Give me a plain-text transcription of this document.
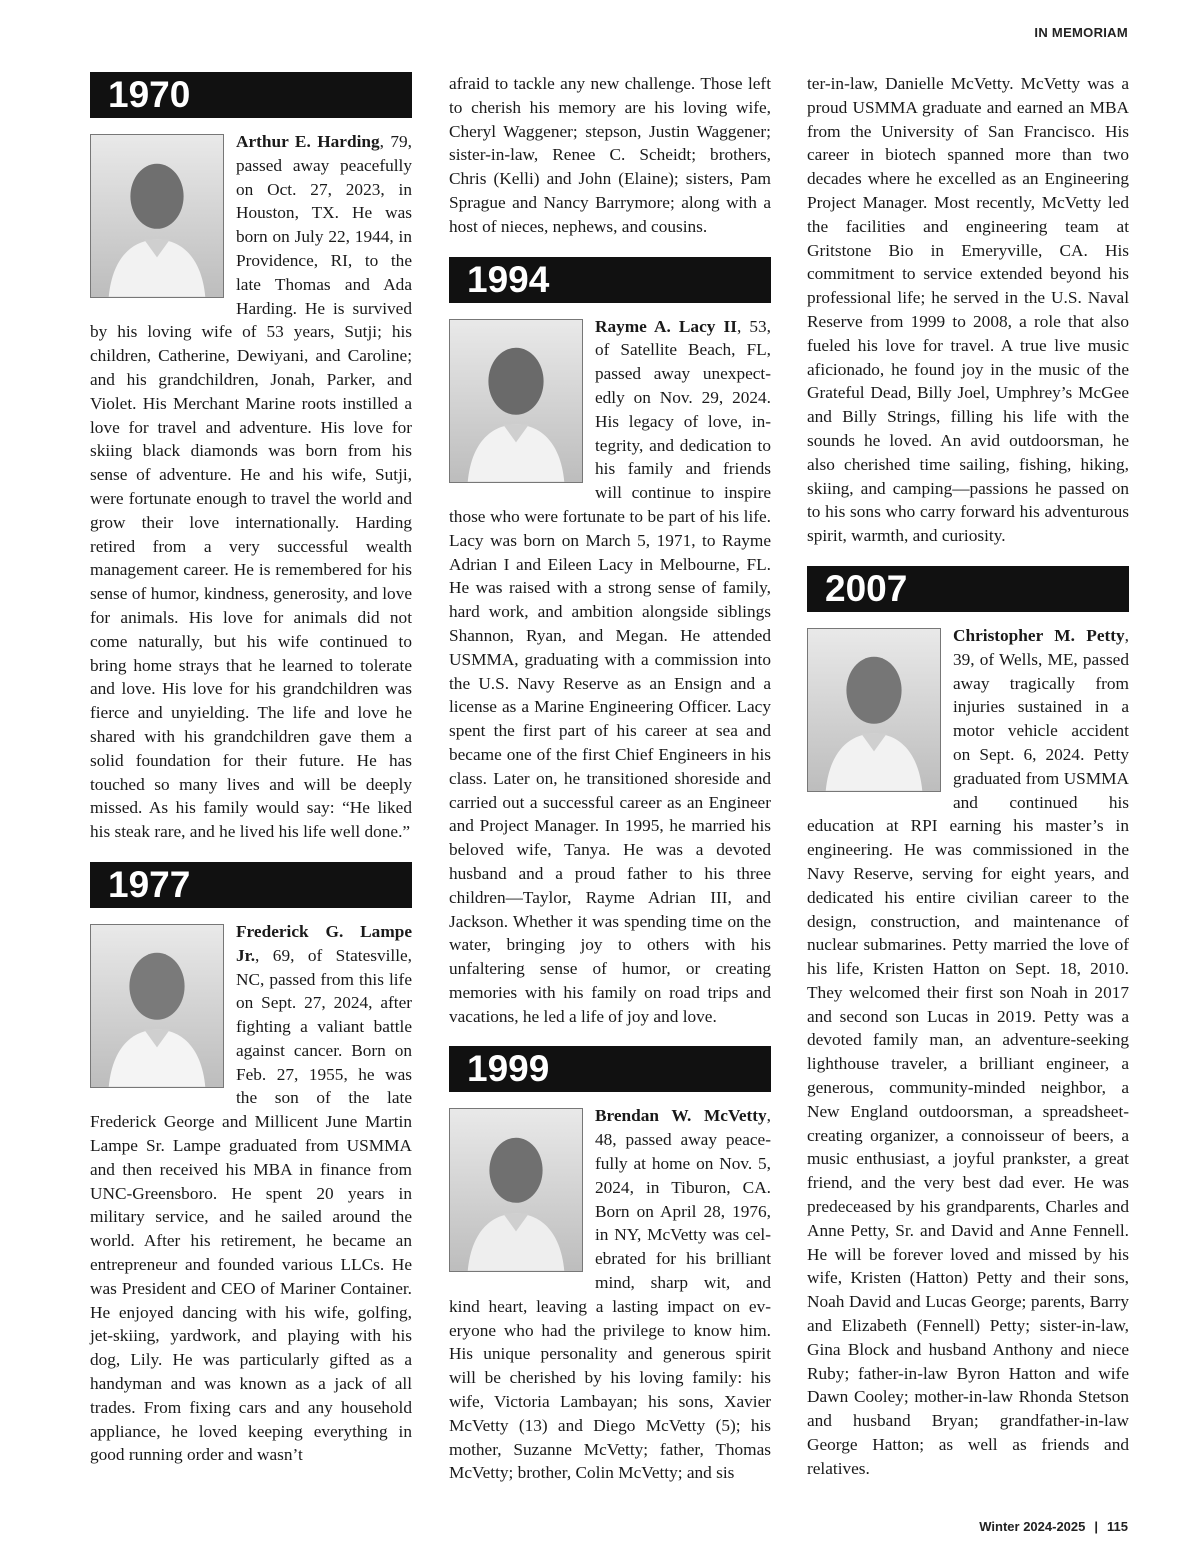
IN MEMORIAM
1970

Arthur E. Harding, 79, passed away peacefully on Oct. 27, 2023, in Houston, TX. He was born on July 22, 1944, in Providence, RI, to the late Thomas and Ada Harding. He is survived by his loving wife of 53 years, Sutji; his children, Catherine, Dewiyani, and Caroline; and his grandchildren, Jonah, Parker, and Violet. His Merchant Marine roots instilled a love for travel and adventure. His love for skiing black diamonds was born from his sense of adventure. He and his wife, Sutji, were fortunate enough to travel the world and grow their love internationally. Harding retired from a very successful wealth management career. He is remembered for his sense of humor, kindness, generosity, and love for animals. His love for animals did not come naturally, but his wife continued to bring home strays that he learned to tolerate and love. His love for his grandchildren was fierce and unyielding. The life and love he shared with his grandchildren gave them a solid foundation for their future. He has touched so many lives and will be deeply missed. As his family would say: “He liked his steak rare, and he lived his life well done.”

1977

Frederick G. Lampe Jr., 69, of Statesville, NC, passed from this life on Sept. 27, 2024, after fighting a valiant battle against cancer. Born on Feb. 27, 1955, he was the son of the late Frederick George and Millicent June Martin Lampe Sr. Lampe graduated from USMMA and then received his MBA in finance from UNC-Greensboro. He spent 20 years in military service, and he sailed around the world. After his retirement, he became an entrepreneur and founded various LLCs. He was President and CEO of Mariner Container. He enjoyed dancing with his wife, golfing, jet-skiing, yardwork, and playing with his dog, Lily. He was particularly gifted as a handyman and was known as a jack of all trades. From fixing cars and any household appliance, he loved keeping everything in good running order and wasn’t

afraid to tackle any new challenge. Those left to cherish his memory are his loving wife, Cheryl Waggener; stepson, Justin Waggener; sister-in-law, Renee C. Scheidt; brothers, Chris (Kelli) and John (Elaine); sisters, Pam Sprague and Nancy Barrymore; along with a host of nieces, nephews, and cousins.

1994

Rayme A. Lacy II, 53, of Satellite Beach, FL, passed away unexpectedly on Nov. 29, 2024. His legacy of love, integrity, and dedication to his family and friends will continue to inspire those who were fortunate to be part of his life. Lacy was born on March 5, 1971, to Rayme Adrian I and Eileen Lacy in Melbourne, FL. He was raised with a strong sense of family, hard work, and ambition alongside siblings Shannon, Ryan, and Megan. He attended USMMA, graduating with a commission into the U.S. Navy Reserve as an Ensign and a license as a Marine Engineering Officer. Lacy spent the first part of his career at sea and became one of the first Chief Engineers in his class. Later on, he transitioned shoreside and carried out a successful career as an Engineer and Project Manager. In 1995, he married his beloved wife, Tanya. He was a devoted husband and a proud father to his three children—Taylor, Rayme Adrian III, and Jackson. Whether it was spending time on the water, bringing joy to others with his unfaltering sense of humor, or creating memories with his family on road trips and vacations, he led a life of joy and love.

1999

Brendan W. McVetty, 48, passed away peacefully at home on Nov. 5, 2024, in Tiburon, CA. Born on April 28, 1976, in NY, McVetty was celebrated for his brilliant mind, sharp wit, and kind heart, leaving a lasting impact on everyone who had the privilege to know him. His unique personality and generous spirit will be cherished by his loving family: his wife, Victoria Lambayan; his sons, Xavier McVetty (13) and Diego McVetty (5); his mother, Suzanne McVetty; father, Thomas McVetty; brother, Colin McVetty; and sis

ter-in-law, Danielle McVetty. McVetty was a proud USMMA graduate and earned an MBA from the University of San Francisco. His career in biotech spanned more than two decades where he excelled as an Engineering Project Manager. Most recently, McVetty led the facilities and engineering team at Gritstone Bio in Emeryville, CA. His commitment to service extended beyond his professional life; he served in the U.S. Naval Reserve from 1999 to 2008, a role that also fueled his love for travel. A true live music aficionado, he found joy in the music of the Grateful Dead, Billy Joel, Umphrey’s McGee and Billy Strings, filling his life with the sounds he loved. An avid outdoorsman, he also cherished time sailing, fishing, hiking, skiing, and camping—passions he passed on to his sons who carry forward his adventurous spirit, warmth, and curiosity.

2007

Christopher M. Petty, 39, of Wells, ME, passed away tragically from injuries sustained in a motor vehicle accident on Sept. 6, 2024. Petty graduated from USMMA and continued his education at RPI earning his master’s in engineering. He was commissioned in the Navy Reserve, serving for eight years, and dedicated his entire civilian career to the design, construction, and maintenance of nuclear submarines. Petty married the love of his life, Kristen Hatton on Sept. 18, 2010. They welcomed their first son Noah in 2017 and second son Lucas in 2019. Petty was a devoted family man, an adventure-seeking lighthouse traveler, a brilliant engineer, a generous, community-minded neighbor, a New England outdoorsman, a spreadsheet-creating organizer, a connoisseur of beers, a music enthusiast, a joyful prankster, a great friend, and the very best dad ever. He was predeceased by his grandparents, Charles and Anne Petty, Sr. and David and Anne Fennell. He will be forever loved and missed by his wife, Kristen (Hatton) Petty and their sons, Noah David and Lucas George; parents, Barry and Elizabeth (Fennell) Petty; sister-in-law, Gina Block and husband Anthony and niece Ruby; father-in-law Byron Hatton and wife Dawn Cooley; mother-in-law Rhonda Stetson and husband Bryan; grandfather-in-law George Hatton; as well as friends and relatives.

Winter 2024-2025 | 115
